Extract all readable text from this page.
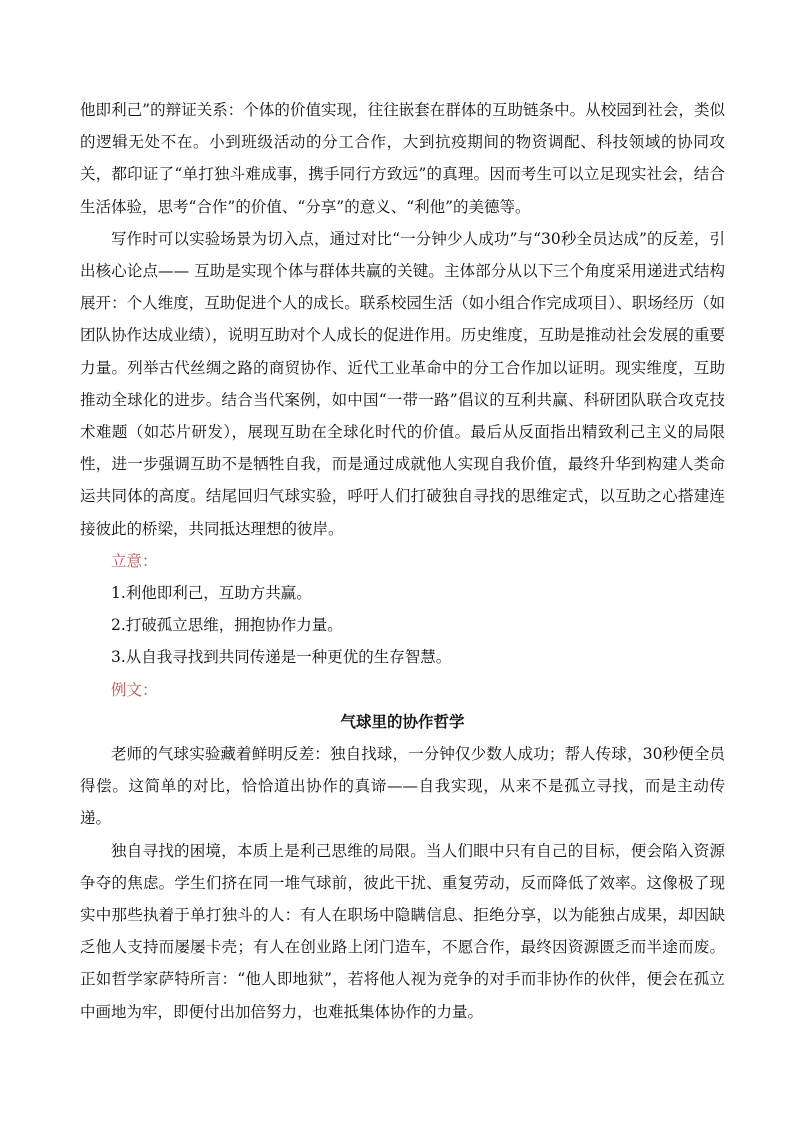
他即利己”的辩证关系：个体的价值实现，往往嵌套在群体的互助链条中。从校园到社会，类似的逻辑无处不在。小到班级活动的分工合作，大到抗疫期间的物资调配、科技领域的协同攻关，都印证了“单打独斗难成事，携手同行方致远”的真理。因而考生可以立足现实社会，结合生活体验，思考“合作”的价值、“分享”的意义、“利他”的美德等。

写作时可以实验场景为切入点，通过对比“一分钟少人成功”与“30秒全员达成”的反差，引出核心论点—— 互助是实现个体与群体共赢的关键。主体部分从以下三个角度采用递进式结构展开：个人维度，互助促进个人的成长。联系校园生活（如小组合作完成项目）、职场经历（如团队协作达成业绩），说明互助对个人成长的促进作用。历史维度，互助是推动社会发展的重要力量。列举古代丝绸之路的商贸协作、近代工业革命中的分工合作加以证明。现实维度，互助推动全球化的进步。结合当代案例，如中国“一带一路”倡议的互利共赢、科研团队联合攻克技术难题（如芯片研发），展现互助在全球化时代的价值。最后从反面指出精致利己主义的局限性，进一步强调互助不是牺牲自我，而是通过成就他人实现自我价值，最终升华到构建人类命运共同体的高度。结尾回归气球实验，呼吁人们打破独自寻找的思维定式，以互助之心搭建连接彼此的桥梁，共同抵达理想的彼岸。

立意：

1.利他即利己，互助方共赢。

2.打破孤立思维，拥抱协作力量。

3.从自我寻找到共同传递是一种更优的生存智慧。

例文：

气球里的协作哲学

老师的气球实验藏着鲜明反差：独自找球，一分钟仅少数人成功；帮人传球，30秒便全员得偿。这简单的对比，恰恰道出协作的真谛——自我实现，从来不是孤立寻找，而是主动传递。

独自寻找的困境，本质上是利己思维的局限。当人们眼中只有自己的目标，便会陷入资源争夺的焦虑。学生们挤在同一堆气球前，彼此干扰、重复劳动，反而降低了效率。这像极了现实中那些执着于单打独斗的人：有人在职场中隐瞒信息、拒绝分享，以为能独占成果，却因缺乏他人支持而屡屡卡壳；有人在创业路上闭门造车，不愿合作，最终因资源匮乏而半途而废。正如哲学家萨特所言：“他人即地狱”，若将他人视为竞争的对手而非协作的伙伴，便会在孤立中画地为牢，即便付出加倍努力，也难抵集体协作的力量。
